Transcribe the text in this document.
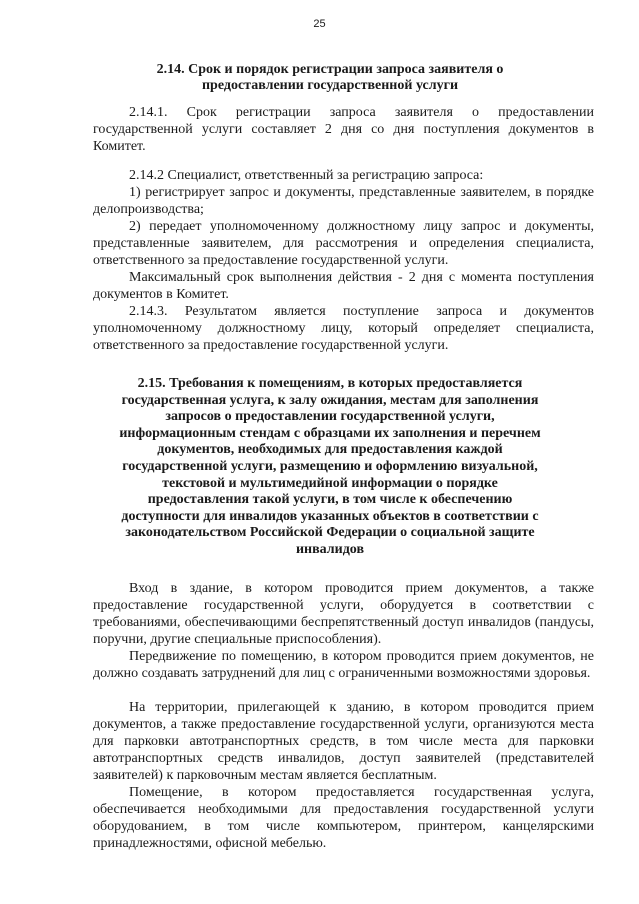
25
2.14. Срок и порядок регистрации запроса заявителя о предоставлении государственной услуги
2.14.1. Срок регистрации запроса заявителя о предоставлении государственной услуги составляет 2 дня со дня поступления документов в Комитет.
2.14.2 Специалист, ответственный за регистрацию запроса:
1) регистрирует запрос и документы, представленные заявителем, в порядке делопроизводства;
2) передает уполномоченному должностному лицу запрос и документы, представленные заявителем, для рассмотрения и определения специалиста, ответственного за предоставление государственной услуги.
Максимальный срок выполнения действия - 2 дня с момента поступления документов в Комитет.
2.14.3. Результатом является поступление запроса и документов уполномоченному должностному лицу, который определяет специалиста, ответственного за предоставление государственной услуги.
2.15. Требования к помещениям, в которых предоставляется государственная услуга, к залу ожидания, местам для заполнения запросов о предоставлении государственной услуги, информационным стендам с образцами их заполнения и перечнем документов, необходимых для предоставления каждой государственной услуги, размещению и оформлению визуальной, текстовой и мультимедийной информации о порядке предоставления такой услуги, в том числе к обеспечению доступности для инвалидов указанных объектов в соответствии с законодательством Российской Федерации о социальной защите инвалидов
Вход в здание, в котором проводится прием документов, а также предоставление государственной услуги, оборудуется в соответствии с требованиями, обеспечивающими беспрепятственный доступ инвалидов (пандусы, поручни, другие специальные приспособления).
Передвижение по помещению, в котором проводится прием документов, не должно создавать затруднений для лиц с ограниченными возможностями здоровья.
На территории, прилегающей к зданию, в котором проводится прием документов, а также предоставление государственной услуги, организуются места для парковки автотранспортных средств, в том числе места для парковки автотранспортных средств инвалидов, доступ заявителей (представителей заявителей) к парковочным местам является бесплатным.
Помещение, в котором предоставляется государственная услуга, обеспечивается необходимыми для предоставления государственной услуги оборудованием, в том числе компьютером, принтером, канцелярскими принадлежностями, офисной мебелью.
